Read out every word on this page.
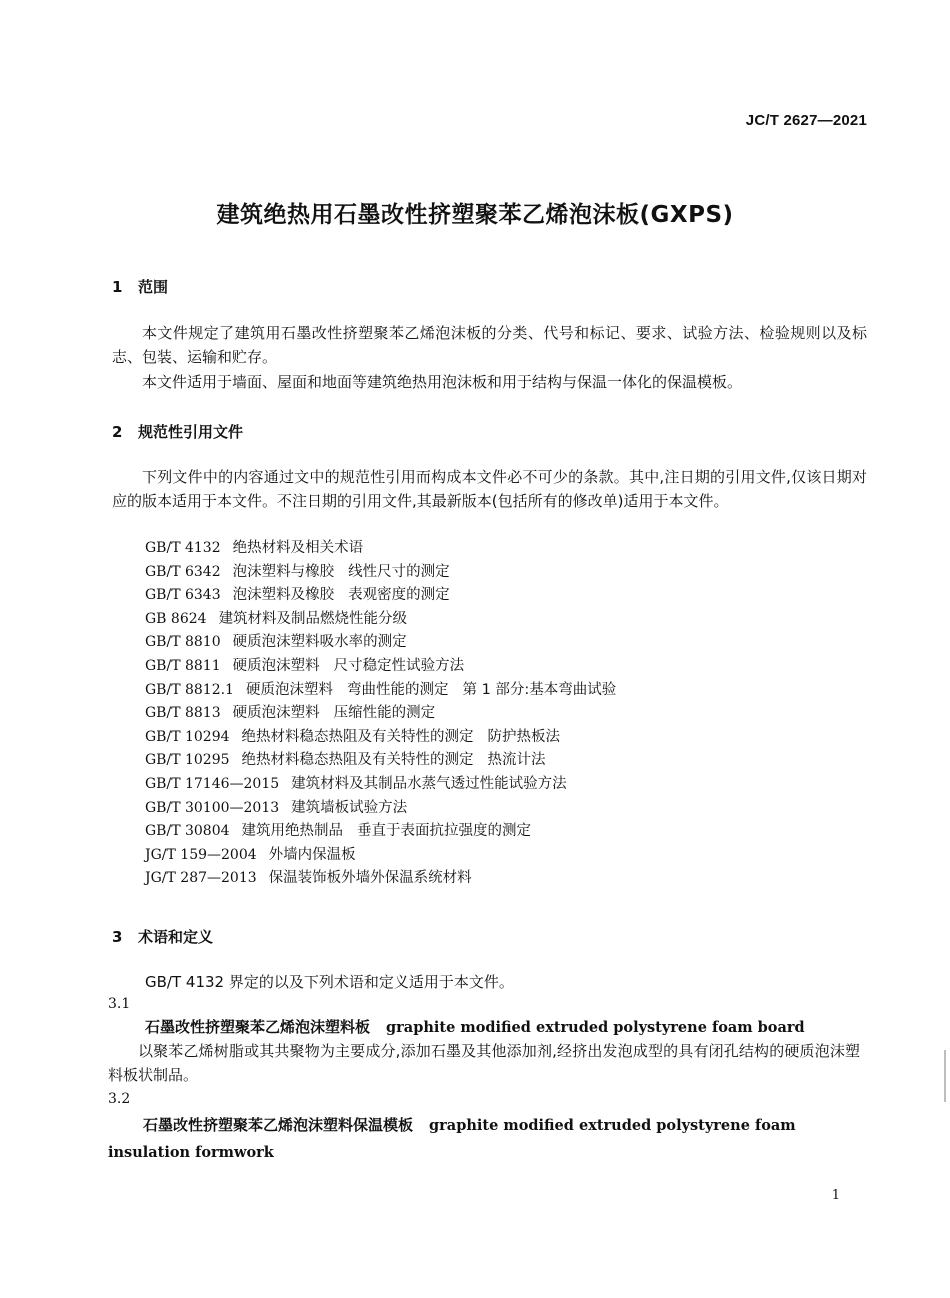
JC/T 2627—2021
建筑绝热用石墨改性挤塑聚苯乙烯泡沫板(GXPS)
1 范围
本文件规定了建筑用石墨改性挤塑聚苯乙烯泡沫板的分类、代号和标记、要求、试验方法、检验规则以及标志、包装、运输和贮存。
本文件适用于墙面、屋面和地面等建筑绝热用泡沫板和用于结构与保温一体化的保温模板。
2 规范性引用文件
下列文件中的内容通过文中的规范性引用而构成本文件必不可少的条款。其中,注日期的引用文件,仅该日期对应的版本适用于本文件。不注日期的引用文件,其最新版本(包括所有的修改单)适用于本文件。
GB/T 4132 绝热材料及相关术语
GB/T 6342 泡沫塑料与橡胶 线性尺寸的测定
GB/T 6343 泡沫塑料及橡胶 表观密度的测定
GB 8624 建筑材料及制品燃烧性能分级
GB/T 8810 硬质泡沫塑料吸水率的测定
GB/T 8811 硬质泡沫塑料 尺寸稳定性试验方法
GB/T 8812.1 硬质泡沫塑料 弯曲性能的测定 第 1 部分:基本弯曲试验
GB/T 8813 硬质泡沫塑料 压缩性能的测定
GB/T 10294 绝热材料稳态热阻及有关特性的测定 防护热板法
GB/T 10295 绝热材料稳态热阻及有关特性的测定 热流计法
GB/T 17146—2015 建筑材料及其制品水蒸气透过性能试验方法
GB/T 30100—2013 建筑墙板试验方法
GB/T 30804 建筑用绝热制品 垂直于表面抗拉强度的测定
JG/T 159—2004 外墙内保温板
JG/T 287—2013 保温装饰板外墙外保温系统材料
3 术语和定义
GB/T 4132 界定的以及下列术语和定义适用于本文件。
3.1
石墨改性挤塑聚苯乙烯泡沫塑料板 graphite modified extruded polystyrene foam board
以聚苯乙烯树脂或其共聚物为主要成分,添加石墨及其他添加剂,经挤出发泡成型的具有闭孔结构的硬质泡沫塑料板状制品。
3.2
石墨改性挤塑聚苯乙烯泡沫塑料保温模板 graphite modified extruded polystyrene foam insulation formwork
1
